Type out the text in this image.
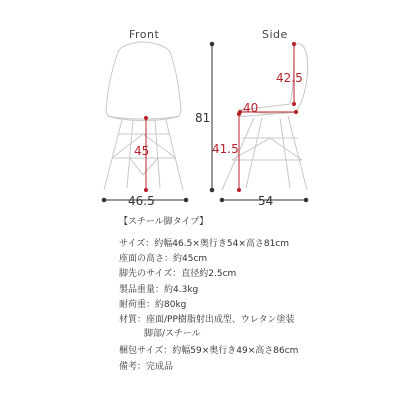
Front	Side
81
46.5	54
45
42.5
40
41.5
【スチール脚タイプ】
サイズ：約幅46.5×奥行き54×高さ81cm
座面の高さ：約45cm
脚先のサイズ：直径約2.5cm
製品重量：約4.3kg
耐荷重：約80kg
材質：座面/PP樹脂射出成型、ウレタン塗装
脚部/スチール
梱包サイズ：約幅59×奥行き49×高さ86cm
備考：完成品
